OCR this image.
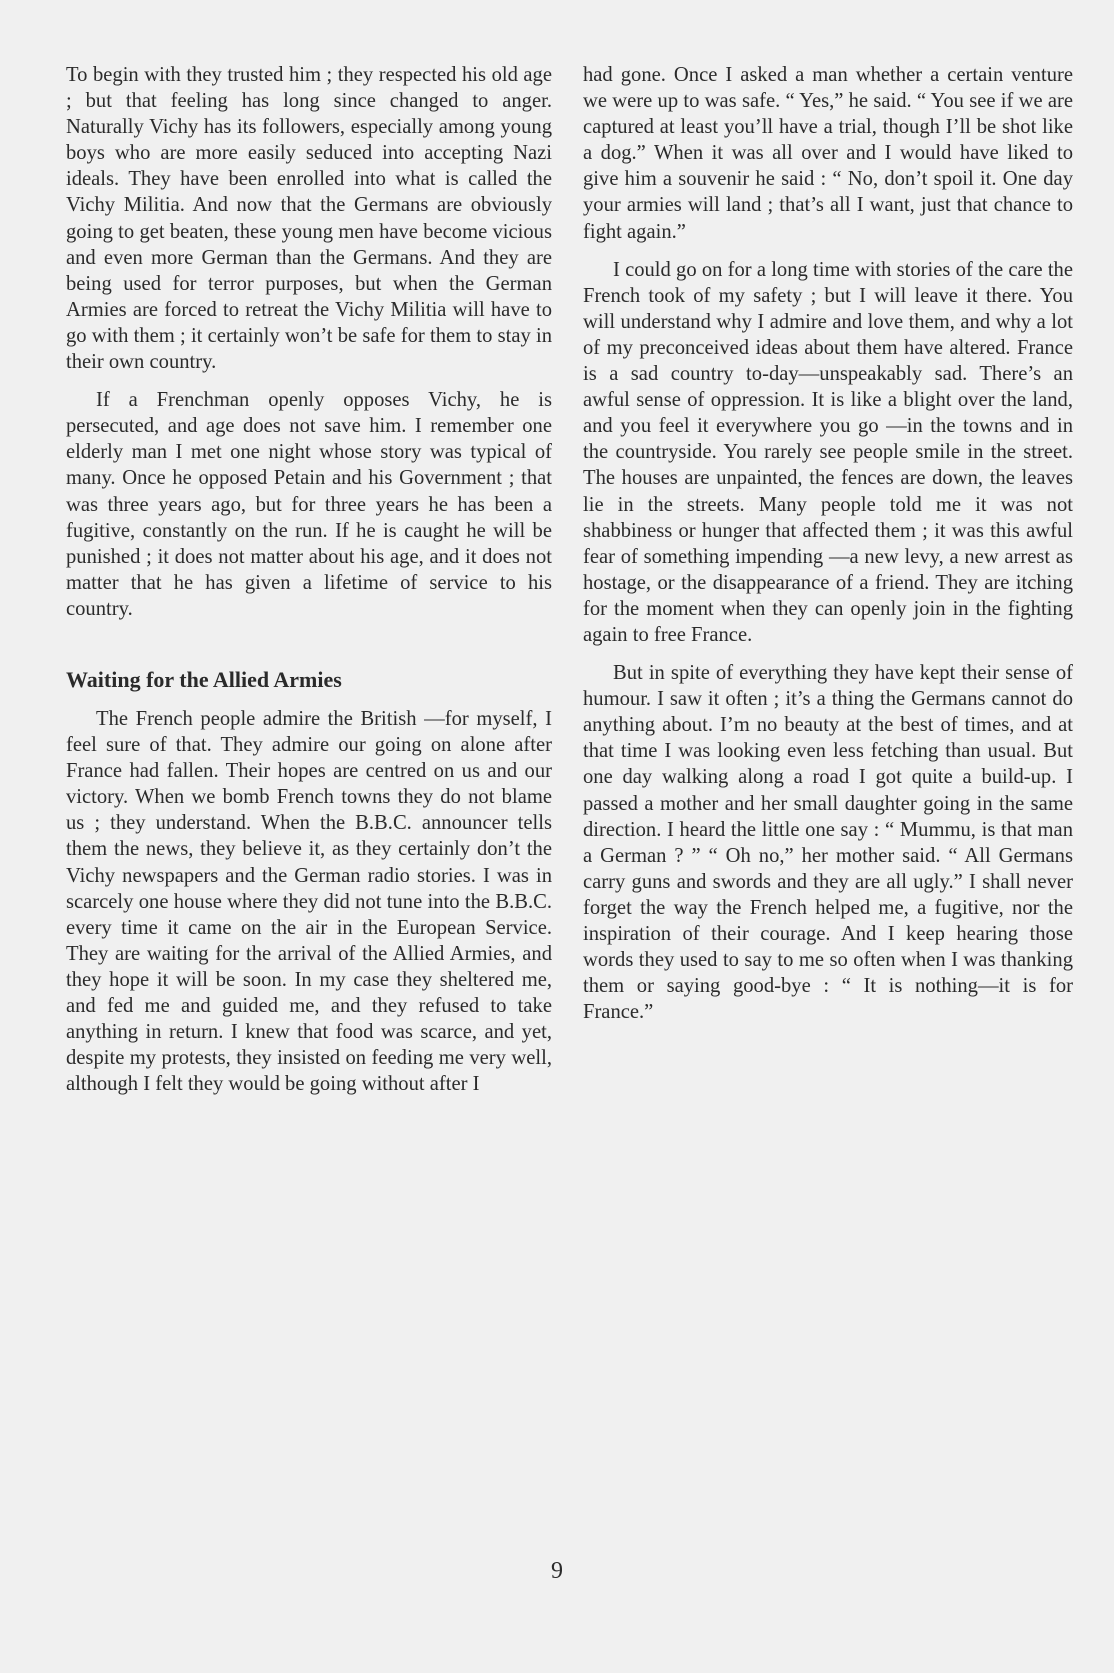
To begin with they trusted him ; they respected his old age ; but that feeling has long since changed to anger. Naturally Vichy has its followers, especially among young boys who are more easily seduced into accepting Nazi ideals. They have been enrolled into what is called the Vichy Militia. And now that the Germans are obviously going to get beaten, these young men have become vicious and even more German than the Germans. And they are being used for terror purposes, but when the German Armies are forced to retreat the Vichy Militia will have to go with them ; it certainly won’t be safe for them to stay in their own country.

If a Frenchman openly opposes Vichy, he is persecuted, and age does not save him. I remember one elderly man I met one night whose story was typical of many. Once he opposed Petain and his Government ; that was three years ago, but for three years he has been a fugitive, constantly on the run. If he is caught he will be punished ; it does not matter about his age, and it does not matter that he has given a lifetime of service to his country.

Waiting for the Allied Armies

The French people admire the British —for myself, I feel sure of that. They admire our going on alone after France had fallen. Their hopes are centred on us and our victory. When we bomb French towns they do not blame us ; they understand. When the B.B.C. announcer tells them the news, they believe it, as they certainly don’t the Vichy newspapers and the German radio stories. I was in scarcely one house where they did not tune into the B.B.C. every time it came on the air in the European Service. They are waiting for the arrival of the Allied Armies, and they hope it will be soon. In my case they sheltered me, and fed me and guided me, and they refused to take anything in return. I knew that food was scarce, and yet, despite my protests, they insisted on feeding me very well, although I felt they would be going without after I

had gone. Once I asked a man whether a certain venture we were up to was safe. “ Yes,” he said. “ You see if we are captured at least you’ll have a trial, though I’ll be shot like a dog.” When it was all over and I would have liked to give him a souvenir he said : “ No, don’t spoil it. One day your armies will land ; that’s all I want, just that chance to fight again.”

I could go on for a long time with stories of the care the French took of my safety ; but I will leave it there. You will understand why I admire and love them, and why a lot of my preconceived ideas about them have altered. France is a sad country to-day—unspeakably sad. There’s an awful sense of oppression. It is like a blight over the land, and you feel it everywhere you go —in the towns and in the countryside. You rarely see people smile in the street. The houses are unpainted, the fences are down, the leaves lie in the streets. Many people told me it was not shabbiness or hunger that affected them ; it was this awful fear of something impending —a new levy, a new arrest as hostage, or the disappearance of a friend. They are itching for the moment when they can openly join in the fighting again to free France.

But in spite of everything they have kept their sense of humour. I saw it often ; it’s a thing the Germans cannot do anything about. I’m no beauty at the best of times, and at that time I was looking even less fetching than usual. But one day walking along a road I got quite a build-up. I passed a mother and her small daughter going in the same direction. I heard the little one say : “ Mummu, is that man a German ? ” “ Oh no,” her mother said. “ All Germans carry guns and swords and they are all ugly.” I shall never forget the way the French helped me, a fugitive, nor the inspiration of their courage. And I keep hearing those words they used to say to me so often when I was thanking them or saying good-bye : “ It is nothing—it is for France.”

9
